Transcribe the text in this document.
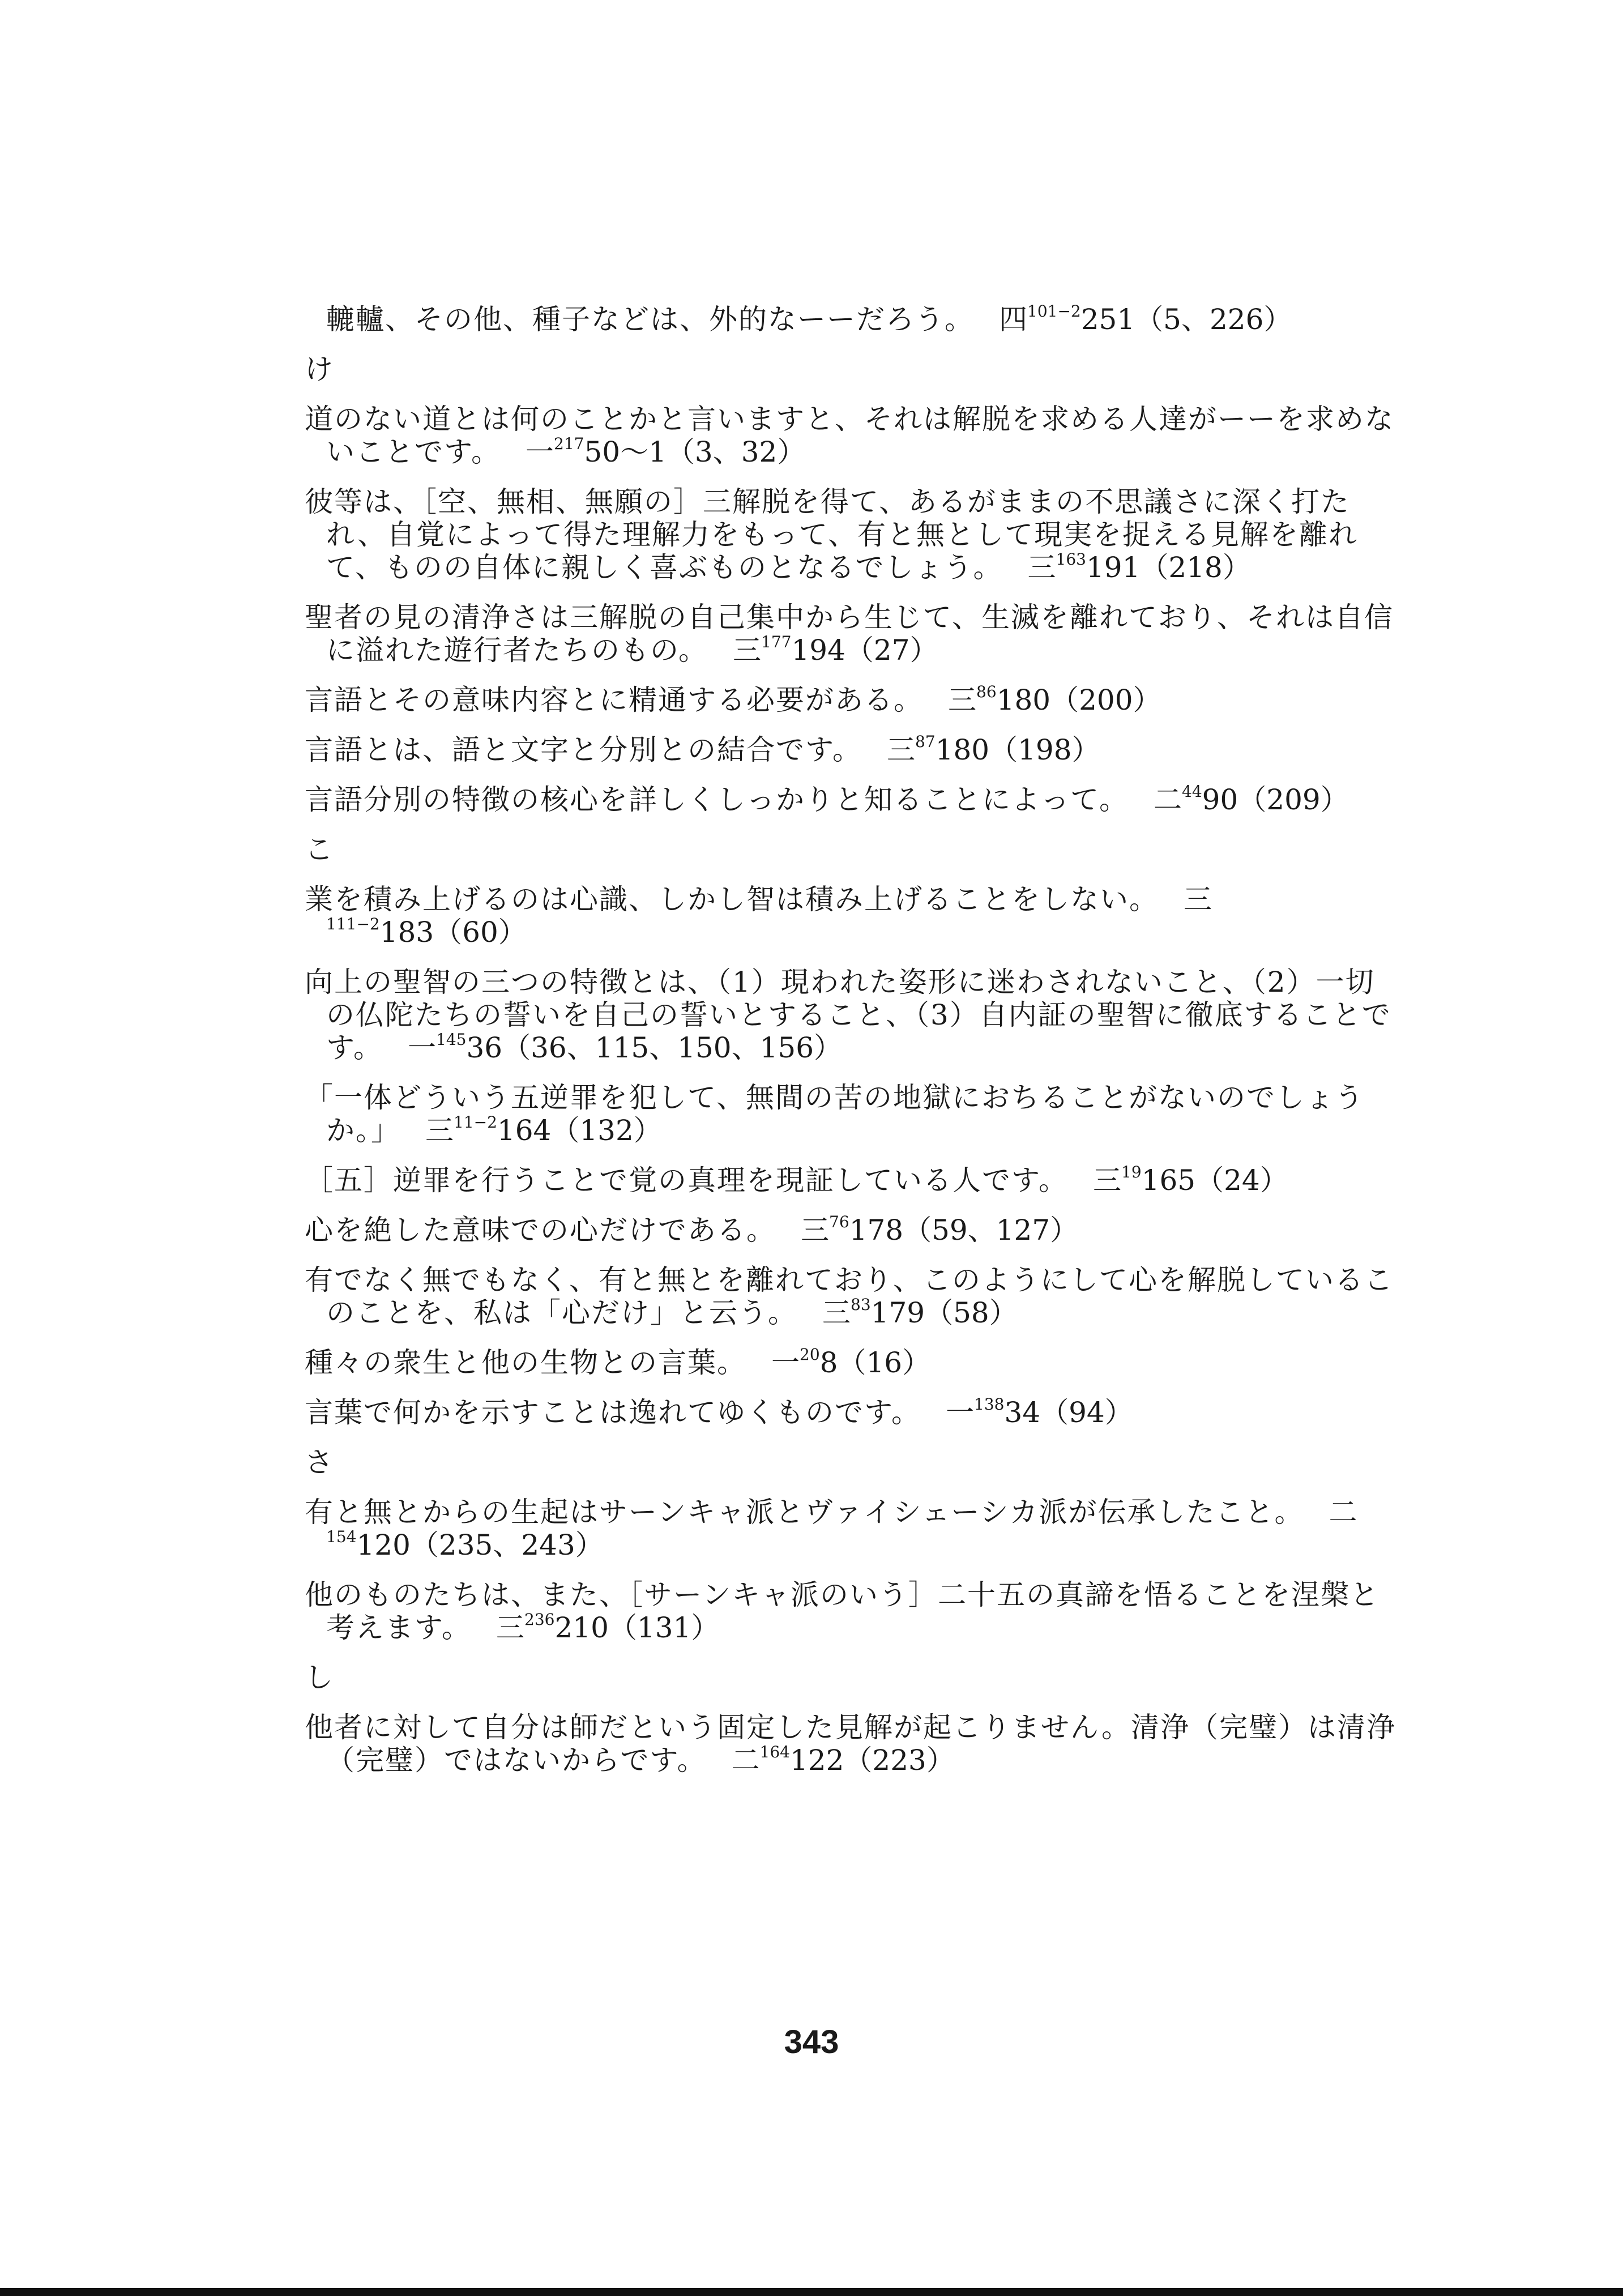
轆轤、その他、種子などは、外的なーーだろう。 四$^{101-2}$251（5、226）
け
道のない道とは何のことかと言いますと、それは解脱を求める人達がーーを求めないことです。 一$^{217}$50〜1（3、32）
彼等は、［空、無相、無願の］三解脱を得て、あるがままの不思議さに深く打たれ、自覚によって得た理解力をもって、有と無として現実を捉える見解を離れて、ものの自体に親しく喜ぶものとなるでしょう。 三$^{163}$191（218）
聖者の見の清浄さは三解脱の自己集中から生じて、生滅を離れており、それは自信に溢れた遊行者たちのもの。 三$^{177}$194（27）
言語とその意味内容とに精通する必要がある。 三$^{86}$180（200）
言語とは、語と文字と分別との結合です。 三$^{87}$180（198）
言語分別の特徴の核心を詳しくしっかりと知ることによって。 二$^{44}$90（209）
こ
業を積み上げるのは心識、しかし智は積み上げることをしない。 三$^{111-2}$183（60）
向上の聖智の三つの特徴とは、（1）現われた姿形に迷わされないこと、（2）一切の仏陀たちの誓いを自己の誓いとすること、（3）自内証の聖智に徹底することです。 一$^{145}$36（36、115、150、156）
「一体どういう五逆罪を犯して、無間の苦の地獄におちることがないのでしょうか。」 三$^{11-2}$164（132）
［五］逆罪を行うことで覚の真理を現証している人です。 三$^{19}$165（24）
心を絶した意味での心だけである。 三$^{76}$178（59、127）
有でなく無でもなく、有と無とを離れており、このようにして心を解脱しているこのことを、私は「心だけ」と云う。 三$^{83}$179（58）
種々の衆生と他の生物との言葉。 一$^{20}$8（16）
言葉で何かを示すことは逸れてゆくものです。 一$^{138}$34（94）
さ
有と無とからの生起はサーンキャ派とヴァイシェーシカ派が伝承したこと。 二$^{154}$120（235、243）
他のものたちは、また、［サーンキャ派のいう］二十五の真諦を悟ることを涅槃と考えます。 三$^{236}$210（131）
し
他者に対して自分は師だという固定した見解が起こりません。清浄（完璧）は清浄（完璧）ではないからです。 二$^{164}$122（223）
343
